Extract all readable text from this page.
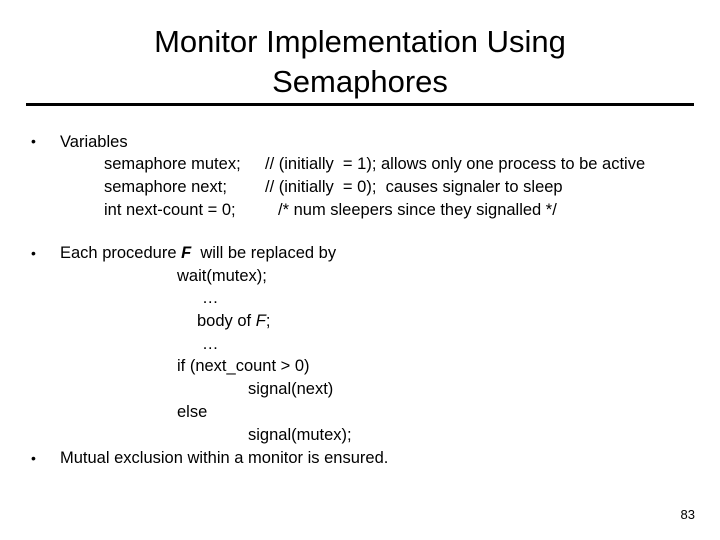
Monitor Implementation Using
Semaphores
• Variables
semaphore mutex; // (initially  = 1); allows only one process to be active
semaphore next; // (initially  = 0);  causes signaler to sleep
int next-count = 0;	/* num sleepers since they signalled */
• Each procedure F  will be replaced by
wait(mutex);
…
body of F;
…
if (next_count > 0)
signal(next)
else
signal(mutex);
• Mutual exclusion within a monitor is ensured.
83
